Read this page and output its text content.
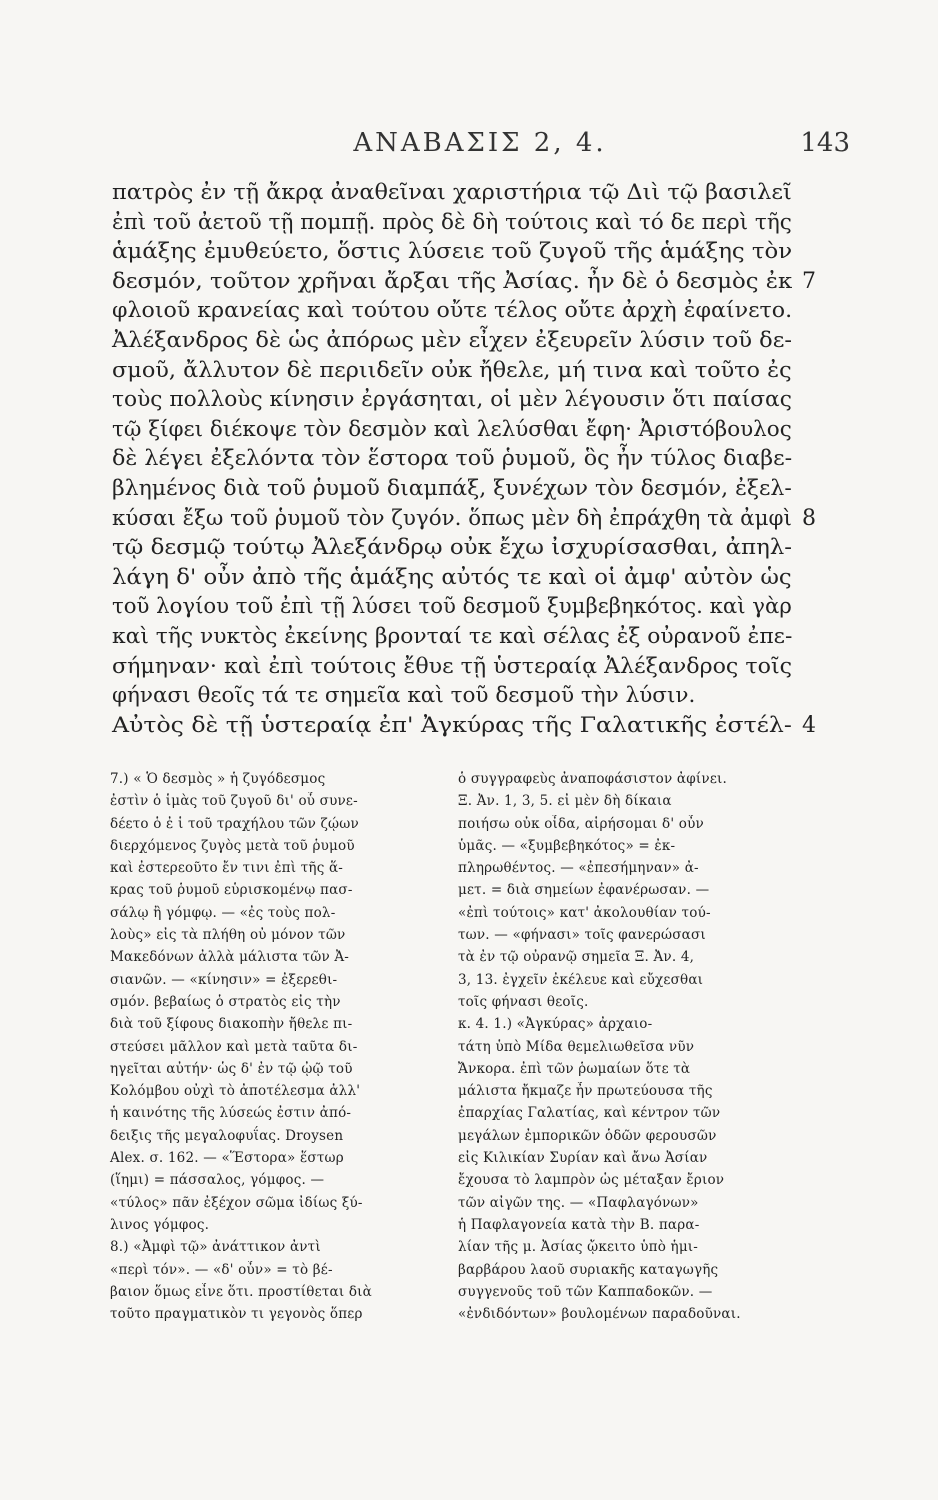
ΑΝΑΒΑΣΙΣ 2, 4.	143
πατρὸς ἐν τῇ ἄκρᾳ ἀναθεῖναι χαριστήρια τῷ Διὶ τῷ βασιλεῖ
ἐπὶ τοῦ ἀετοῦ τῇ πομπῇ. πρὸς δὲ δὴ τούτοις καὶ τό δε περὶ τῆς
ἁμάξης ἐμυθεύετο, ὅστις λύσειε τοῦ ζυγοῦ τῆς ἁμάξης τὸν
δεσμόν, τοῦτον χρῆναι ἄρξαι τῆς Ἀσίας. ἦν δὲ ὁ δεσμὸς ἐκ 7
φλοιοῦ κρανείας καὶ τούτου οὔτε τέλος οὔτε ἀρχὴ ἐφαίνετο.
Ἀλέξανδρος δὲ ὡς ἀπόρως μὲν εἶχεν ἐξευρεῖν λύσιν τοῦ δε-
σμοῦ, ἄλλυτον δὲ περιιδεῖν οὐκ ἤθελε, μή τινα καὶ τοῦτο ἐς
τοὺς πολλοὺς κίνησιν ἐργάσηται, οἱ μὲν λέγουσιν ὅτι παίσας
τῷ ξίφει διέκοψε τὸν δεσμὸν καὶ λελύσθαι ἔφη· Ἀριστόβουλος
δὲ λέγει ἐξελόντα τὸν ἕστορα τοῦ ῥυμοῦ, ὃς ἦν τύλος διαβε-
βλημένος διὰ τοῦ ῥυμοῦ διαμπάξ, ξυνέχων τὸν δεσμόν, ἐξελ-
κύσαι ἔξω τοῦ ῥυμοῦ τὸν ζυγόν. ὅπως μὲν δὴ ἐπράχθη τὰ ἀμφὶ 8
τῷ δεσμῷ τούτῳ Ἀλεξάνδρῳ οὐκ ἔχω ἰσχυρίσασθαι, ἀπηλ-
λάγη δ' οὖν ἀπὸ τῆς ἁμάξης αὐτός τε καὶ οἱ ἀμφ' αὐτὸν ὡς
τοῦ λογίου τοῦ ἐπὶ τῇ λύσει τοῦ δεσμοῦ ξυμβεβηκότος. καὶ γὰρ
καὶ τῆς νυκτὸς ἐκείνης βρονταί τε καὶ σέλας ἐξ οὐρανοῦ ἐπε-
σήμηναν· καὶ ἐπὶ τούτοις ἔθυε τῇ ὑστεραίᾳ Ἀλέξανδρος τοῖς
φήνασι θεοῖς τά τε σημεῖα καὶ τοῦ δεσμοῦ τὴν λύσιν.
Αὐτὸς δὲ τῇ ὑστεραίᾳ ἐπ' Ἀγκύρας τῆς Γαλατικῆς ἐστέλ- 4
7.) « Ὁ δεσμὸς » ἡ ζυγόδεσμος
ἐστὶν ὁ ἱμὰς τοῦ ζυγοῦ δι' οὗ συνε-
δέετο ὁ ἐ ἱ τοῦ τραχήλου τῶν ζῴων
διερχόμενος ζυγὸς μετὰ τοῦ ῥυμοῦ
καὶ ἐστερεοῦτο ἔν τινι ἐπὶ τῆς ἅ-
κρας τοῦ ῥυμοῦ εὑρισκομένῳ πασ-
σάλῳ ἢ γόμφῳ. — «ἐς τοὺς πολ-
λοὺς» εἰς τὰ πλήθη οὐ μόνον τῶν
Μακεδόνων ἀλλὰ μάλιστα τῶν Ἀ-
σιανῶν. — «κίνησιν» = ἐξερεθι-
σμόν. βεβαίως ὁ στρατὸς εἰς τὴν
διὰ τοῦ ξίφους διακοπὴν ἤθελε πι-
στεύσει μᾶλλον καὶ μετὰ ταῦτα δι-
ηγεῖται αὐτήν· ὡς δ' ἐν τῷ ᾠῷ τοῦ
Κολόμβου οὐχὶ τὸ ἀποτέλεσμα ἀλλ'
ἡ καινότης τῆς λύσεώς ἐστιν ἀπό-
δειξις τῆς μεγαλοφυΐας. Droysen
Alex. σ. 162. — «Ἕστορα» ἕστωρ
(ἵημι) = πάσσαλος, γόμφος. —
«τύλος» πᾶν ἐξέχον σῶμα ἰδίως ξύ-
λινος γόμφος.
8.) «Ἀμφὶ τῷ» ἀνάττικον ἀντὶ
«περὶ τόν». — «δ' οὖν» = τὸ βέ-
βαιον ὅμως εἶνε ὅτι. προστίθεται διὰ
τοῦτο πραγματικὸν τι γεγονὸς ὅπερ
ὁ συγγραφεὺς ἀναποφάσιστον ἀφίνει.
Ξ. Ἀν. 1, 3, 5. εἰ μὲν δὴ δίκαια
ποιήσω οὐκ οἶδα, αἱρήσομαι δ' οὖν
ὑμᾶς. — «ξυμβεβηκότος» = ἐκ-
πληρωθέντος. — «ἐπεσήμηναν» ἀ-
μετ. = διὰ σημείων ἐφανέρωσαν. —
«ἐπὶ τούτοις» κατ' ἀκολουθίαν τού-
των. — «φήνασι» τοῖς φανερώσασι
τὰ ἐν τῷ οὐρανῷ σημεῖα Ξ. Ἀν. 4,
3, 13. ἐγχεῖν ἐκέλευε καὶ εὔχεσθαι
τοῖς φήνασι θεοῖς.
κ. 4. 1.) «Ἀγκύρας» ἀρχαιο-
τάτη ὑπὸ Μίδα θεμελιωθεῖσα νῦν
Ἄνκορα. ἐπὶ τῶν ῥωμαίων ὅτε τὰ
μάλιστα ἤκμαζε ἦν πρωτεύουσα τῆς
ἐπαρχίας Γαλατίας, καὶ κέντρον τῶν
μεγάλων ἐμπορικῶν ὁδῶν φερουσῶν
εἰς Κιλικίαν Συρίαν καὶ ἄνω Ἀσίαν
ἔχουσα τὸ λαμπρὸν ὡς μέταξαν ἔριον
τῶν αἰγῶν της. — «Παφλαγόνων»
ἡ Παφλαγονεία κατὰ τὴν Β. παρα-
λίαν τῆς μ. Ἀσίας ᾤκειτο ὑπὸ ἡμι-
βαρβάρου λαοῦ συριακῆς καταγωγῆς
συγγενοῦς τοῦ τῶν Καππαδοκῶν. —
«ἐνδιδόντων» βουλομένων παραδοῦναι.
